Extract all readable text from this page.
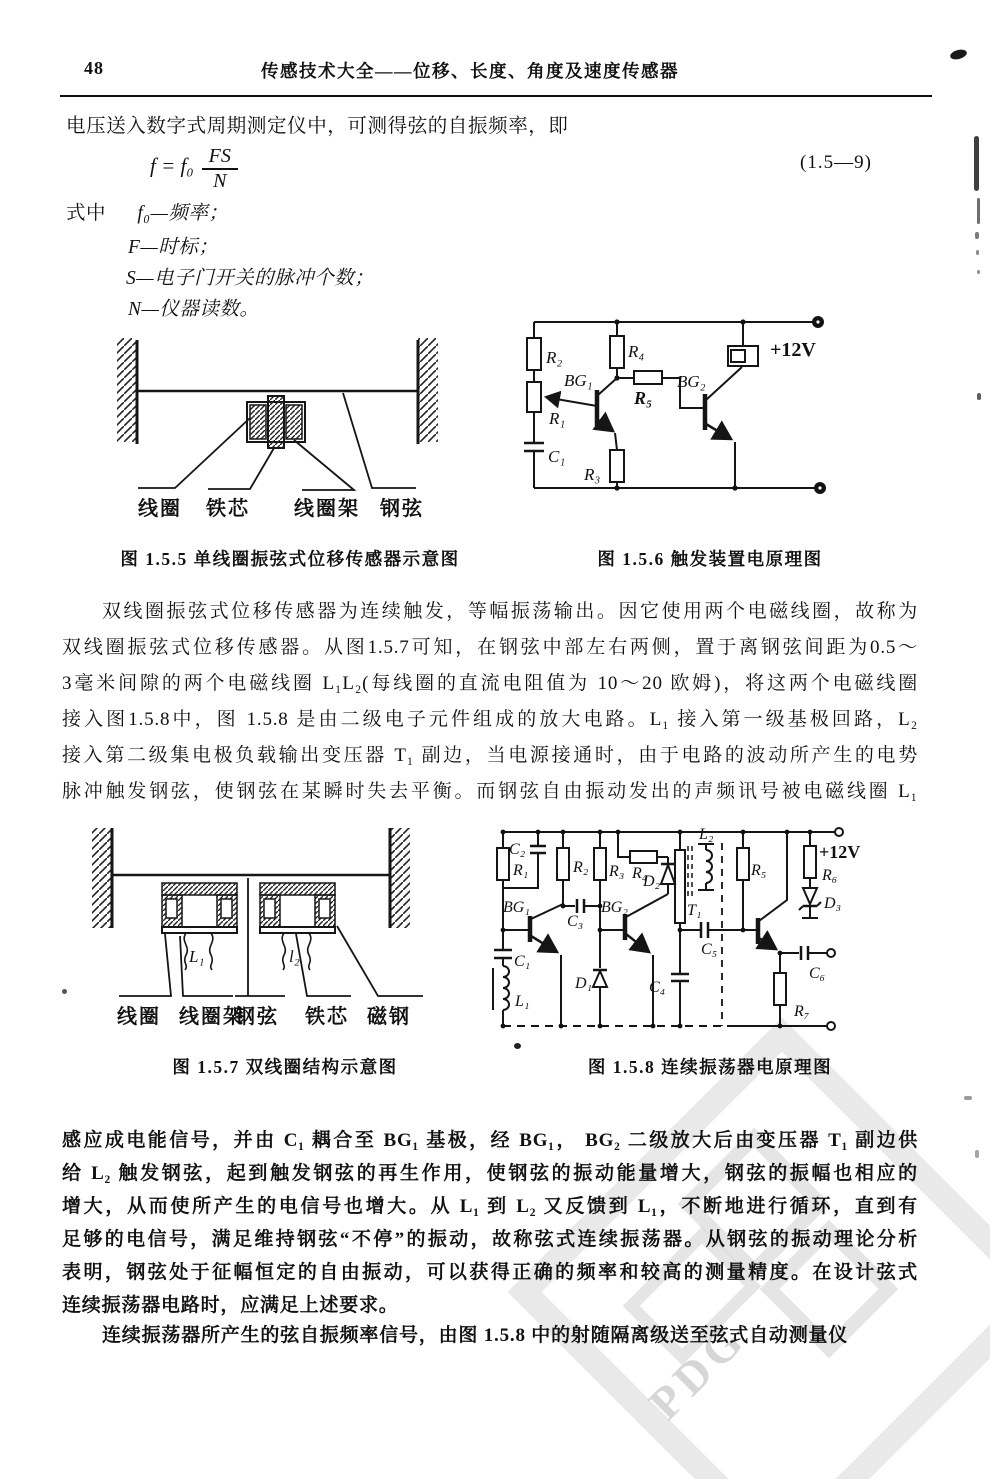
PDG
48	传感技术大全——位移、长度、角度及速度传感器
电压送入数字式周期测定仪中，可测得弦的自振频率，即
$f = f_0 \frac{FS}{N}$	(1.5—9)
式中 f₀—频率；
F—时标；
S—电子门开关的脉冲个数；
N—仪器读数。
线圈 铁芯 线圈架 钢弦
图 1.5.5 单线圈振弦式位移传感器示意图
R₂	R₄
BG₁
R₅
BG₂
R₁
C₁
R₃
+12V
图 1.5.6 触发装置电原理图
双线圈振弦式位移传感器为连续触发，等幅振荡输出。因它使用两个电磁线圈，故称为
双线圈振弦式位移传感器。从图1.5.7可知，在钢弦中部左右两侧，置于离钢弦间距为0.5～
3毫米间隙的两个电磁线圈 L₁L₂(每线圈的直流电阻值为 10～20 欧姆)，将这两个电磁线圈
接入图1.5.8中，图 1.5.8 是由二级电子元件组成的放大电路。L₁ 接入第一级基极回路，L₂
接入第二级集电极负载输出变压器 T₁ 副边，当电源接通时，由于电路的波动所产生的电势
脉冲触发钢弦，使钢弦在某瞬时失去平衡。而钢弦自由振动发出的声频讯号被电磁线圈 L₁
L₁	l₂
线圈 线圈架
钢弦 铁芯 磁钢
图 1.5.7 双线圈结构示意图
C₂
R₁	R₂ R₃ R₄
D₂
L₂
BG₁
C₃
BG₂	T₁
C₅
R₅
+12V
R₆
D₃
C₁
L₁
D₁	C₄
C₆
R₇
图 1.5.8 连续振荡器电原理图
感应成电能信号，并由 C₁ 耦合至 BG₁ 基极，经 BG₁， BG₂ 二级放大后由变压器 T₁ 副边供
给 L₂ 触发钢弦，起到触发钢弦的再生作用，使钢弦的振动能量增大，钢弦的振幅也相应的
增大，从而使所产生的电信号也增大。从 L₁ 到 L₂ 又反馈到 L₁，不断地进行循环，直到有
足够的电信号，满足维持钢弦“不停”的振动，故称弦式连续振荡器。从钢弦的振动理论分析
表明，钢弦处于征幅恒定的自由振动，可以获得正确的频率和较高的测量精度。在设计弦式
连续振荡器电路时，应满足上述要求。
连续振荡器所产生的弦自振频率信号，由图 1.5.8 中的射随隔离级送至弦式自动测量仪
